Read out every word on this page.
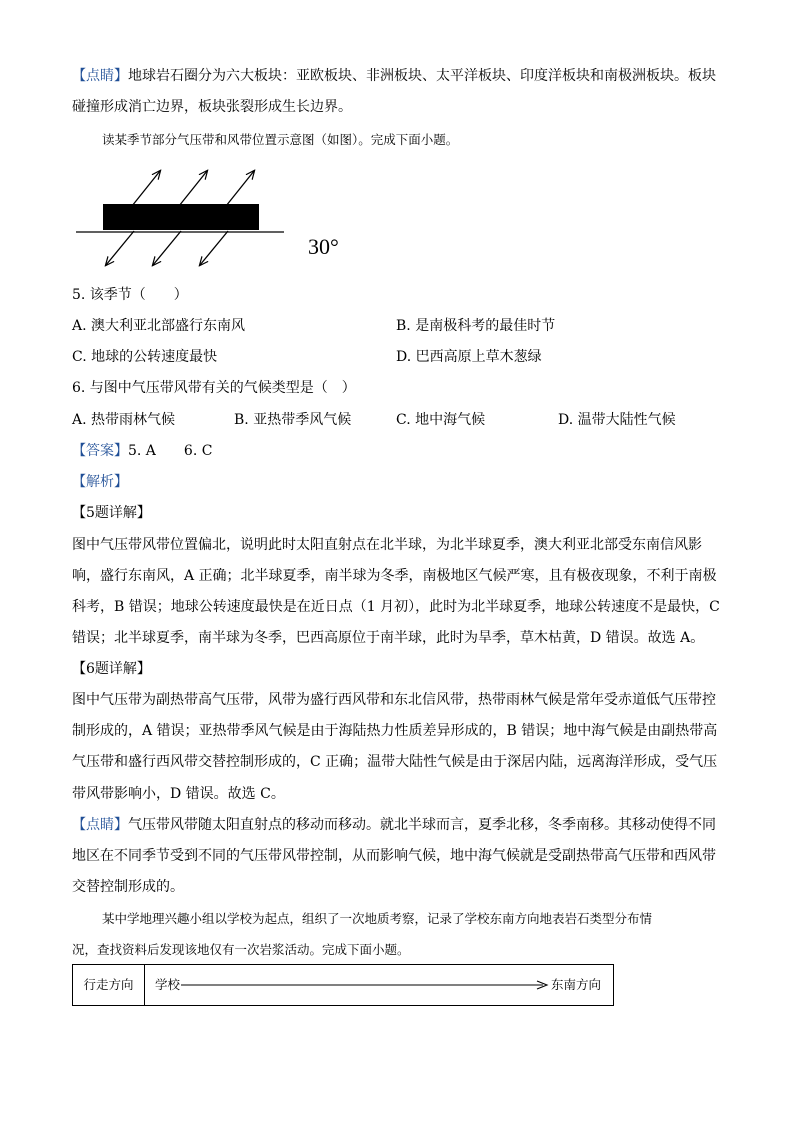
【点睛】地球岩石圈分为六大板块：亚欧板块、非洲板块、太平洋板块、印度洋板块和南极洲板块。板块
碰撞形成消亡边界，板块张裂形成生长边界。
读某季节部分气压带和风带位置示意图（如图）。完成下面小题。
30°
5. 该季节（　　）
A. 澳大利亚北部盛行东南风	B. 是南极科考的最佳时节
C. 地球的公转速度最快	D. 巴西高原上草木葱绿
6. 与图中气压带风带有关的气候类型是（　）
A. 热带雨林气候	B. 亚热带季风气候	C. 地中海气候	D. 温带大陆性气候
【答案】5. A　　6. C
【解析】
【5题详解】
图中气压带风带位置偏北，说明此时太阳直射点在北半球，为北半球夏季，澳大利亚北部受东南信风影
响，盛行东南风，A 正确；北半球夏季，南半球为冬季，南极地区气候严寒，且有极夜现象，不利于南极
科考，B 错误；地球公转速度最快是在近日点（1 月初），此时为北半球夏季，地球公转速度不是最快，C
错误；北半球夏季，南半球为冬季，巴西高原位于南半球，此时为旱季，草木枯黄，D 错误。故选 A。
【6题详解】
图中气压带为副热带高气压带，风带为盛行西风带和东北信风带，热带雨林气候是常年受赤道低气压带控
制形成的，A 错误；亚热带季风气候是由于海陆热力性质差异形成的，B 错误；地中海气候是由副热带高
气压带和盛行西风带交替控制形成的，C 正确；温带大陆性气候是由于深居内陆，远离海洋形成，受气压
带风带影响小，D 错误。故选 C。
【点睛】气压带风带随太阳直射点的移动而移动。就北半球而言，夏季北移，冬季南移。其移动使得不同
地区在不同季节受到不同的气压带风带控制，从而影响气候，地中海气候就是受副热带高气压带和西风带
交替控制形成的。
某中学地理兴趣小组以学校为起点，组织了一次地质考察，记录了学校东南方向地表岩石类型分布情
况，查找资料后发现该地仅有一次岩浆活动。完成下面小题。
行走方向	学校	东南方向
